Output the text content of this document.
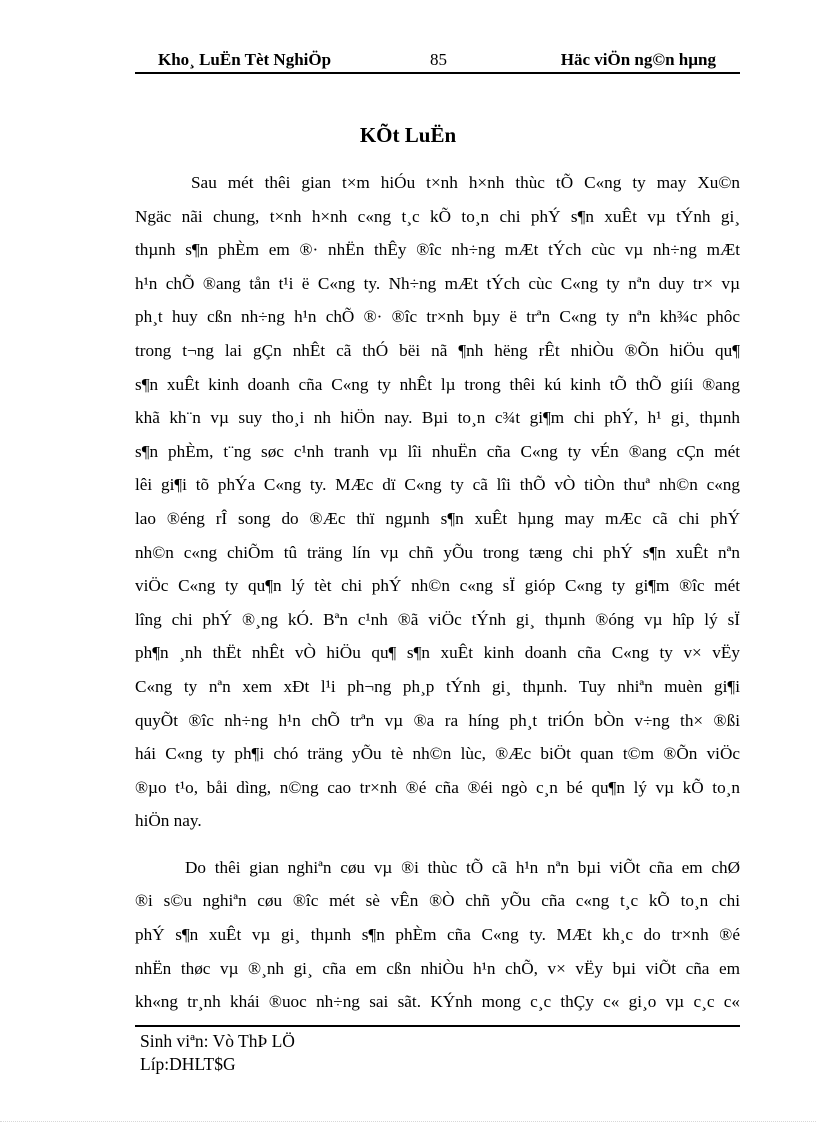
Kho¸ LuËn Tèt NghiÖp	85	Häc viÖn ng©n hµng
KÕt LuËn
Sau mét thêi gian t×m hiÓu t×nh h×nh thùc tÕ C«ng ty may Xu©n
Ngäc nãi chung, t×nh h×nh c«ng t¸c kÕ to¸n chi phÝ s¶n xuÊt vµ tÝnh gi¸
thµnh s¶n phÈm em ®· nhËn thÊy ®îc nh÷ng mÆt tÝch cùc vµ nh÷ng mÆt
h¹n chÕ ®ang tån t¹i ë C«ng ty. Nh÷ng mÆt tÝch cùc C«ng ty nªn duy tr× vµ
ph¸t huy cßn nh÷ng h¹n chÕ ®· ®îc tr×nh bµy ë trªn C«ng ty nªn kh¾c phôc
trong t¬ng lai gÇn nhÊt cã thÓ bëi nã ¶nh hëng rÊt nhiÒu ®Õn hiÖu qu¶
s¶n xuÊt kinh doanh cña C«ng ty nhÊt lµ trong thêi kú kinh tÕ thÕ giíi ®ang
khã kh¨n vµ suy tho¸i nh hiÖn nay. Bµi to¸n c¾t gi¶m chi phÝ, h¹ gi¸ thµnh
s¶n phÈm, t¨ng søc c¹nh tranh vµ lîi nhuËn cña C«ng ty vÉn ®ang cÇn mét
lêi gi¶i tõ phÝa C«ng ty. MÆc dï C«ng ty cã lîi thÕ vÒ tiÒn thuª nh©n c«ng
lao ®éng rÎ song do ®Æc thï ngµnh s¶n xuÊt hµng may mÆc cã chi phÝ
nh©n c«ng chiÕm tû träng lín vµ chñ yÕu trong tæng chi phÝ s¶n xuÊt nªn
viÖc C«ng ty qu¶n lý tèt chi phÝ nh©n c«ng sÏ gióp C«ng ty gi¶m ®îc mét
lîng chi phÝ ®¸ng kÓ. Bªn c¹nh ®ã viÖc tÝnh gi¸ thµnh ®óng vµ hîp lý sÏ
ph¶n ¸nh thËt nhÊt vÒ hiÖu qu¶ s¶n xuÊt kinh doanh cña C«ng ty v× vËy
C«ng ty nªn xem xÐt l¹i ph¬ng ph¸p tÝnh gi¸ thµnh. Tuy nhiªn muèn gi¶i
quyÕt ®îc nh÷ng h¹n chÕ trªn vµ ®a ra híng ph¸t triÓn bÒn v÷ng th× ®ßi
hái C«ng ty ph¶i chó träng yÕu tè nh©n lùc, ®Æc biÖt quan t©m ®Õn viÖc
®µo t¹o, båi dìng, n©ng cao tr×nh ®é cña ®éi ngò c¸n bé qu¶n lý vµ kÕ to¸n
hiÖn nay.
Do thêi gian nghiªn cøu vµ ®i thùc tÕ cã h¹n nªn bµi viÕt cña em chØ
®i s©u nghiªn cøu ®îc mét sè vÊn ®Ò chñ yÕu cña c«ng t¸c kÕ to¸n chi
phÝ s¶n xuÊt vµ gi¸ thµnh s¶n phÈm cña C«ng ty. MÆt kh¸c do tr×nh ®é
nhËn thøc vµ ®¸nh gi¸ cña em cßn nhiÒu h¹n chÕ, v× vËy bµi viÕt cña em
kh«ng tr¸nh khái ®uoc nh÷ng sai sãt. KÝnh mong c¸c thÇy c« gi¸o vµ c¸c c«
Sinh viªn: Vò ThÞ LÖ
Líp:DHLT$G
